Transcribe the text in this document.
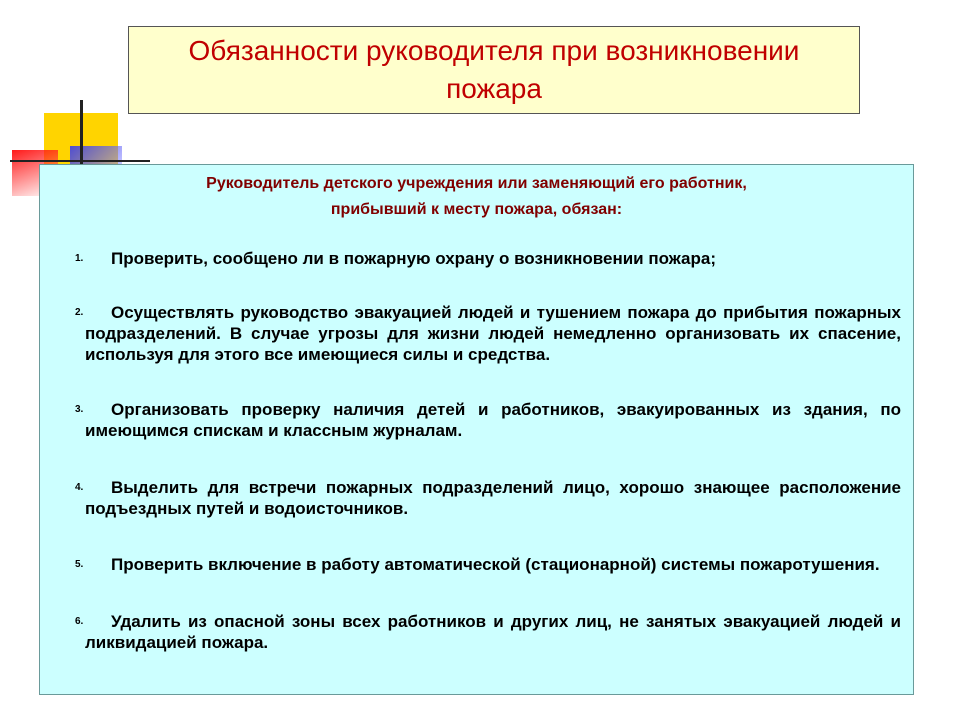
Обязанности руководителя при возникновении пожара

Руководитель детского учреждения или заменяющий его работник,
прибывший к месту пожара, обязан:

1.	Проверить, сообщено ли в пожарную охрану о возникновении пожара;
2.	Осуществлять руководство эвакуацией людей и тушением пожара до прибытия пожарных подразделений. В случае угрозы для жизни людей немедленно организовать их спасение, используя для этого все имеющиеся силы и средства.
3.	Организовать проверку наличия детей и работников, эвакуированных из здания, по имеющимся спискам и классным журналам.
4.	Выделить для встречи пожарных подразделений лицо, хорошо знающее расположение подъездных путей и водоисточников.
5.	Проверить включение в работу автоматической (стационарной) системы пожаротушения.
6.	Удалить из опасной зоны всех работников и других лиц, не занятых эвакуацией людей и ликвидацией пожара.
